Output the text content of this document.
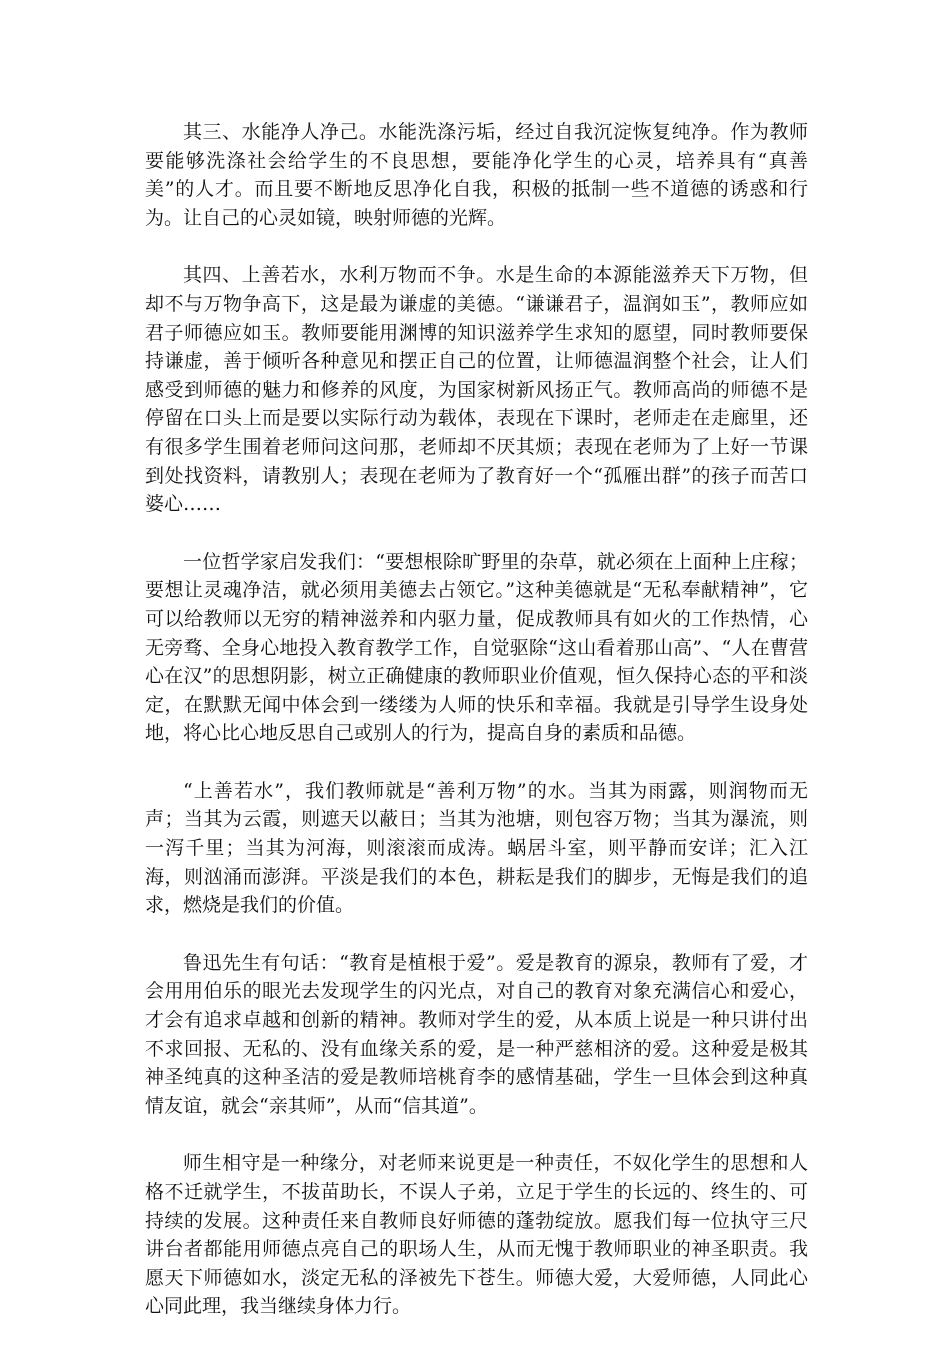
其三、水能净人净己。水能洗涤污垢，经过自我沉淀恢复纯净。作为教师要能够洗涤社会给学生的不良思想，要能净化学生的心灵，培养具有“真善美”的人才。而且要不断地反思净化自我，积极的抵制一些不道德的诱惑和行为。让自己的心灵如镜，映射师德的光辉。

其四、上善若水，水利万物而不争。水是生命的本源能滋养天下万物，但却不与万物争高下，这是最为谦虚的美德。“谦谦君子，温润如玉”，教师应如君子师德应如玉。教师要能用渊博的知识滋养学生求知的愿望，同时教师要保持谦虚，善于倾听各种意见和摆正自己的位置，让师德温润整个社会，让人们感受到师德的魅力和修养的风度，为国家树新风扬正气。教师高尚的师德不是停留在口头上而是要以实际行动为载体，表现在下课时，老师走在走廊里，还有很多学生围着老师问这问那，老师却不厌其烦；表现在老师为了上好一节课到处找资料，请教别人；表现在老师为了教育好一个“孤雁出群”的孩子而苦口婆心……

一位哲学家启发我们：“要想根除旷野里的杂草，就必须在上面种上庄稼；要想让灵魂净洁，就必须用美德去占领它。”这种美德就是“无私奉献精神”，它可以给教师以无穷的精神滋养和内驱力量，促成教师具有如火的工作热情，心无旁骛、全身心地投入教育教学工作，自觉驱除“这山看着那山高”、“人在曹营心在汉”的思想阴影，树立正确健康的教师职业价值观，恒久保持心态的平和淡定，在默默无闻中体会到一缕缕为人师的快乐和幸福。我就是引导学生设身处地，将心比心地反思自己或别人的行为，提高自身的素质和品德。

“上善若水”，我们教师就是“善利万物”的水。当其为雨露，则润物而无声；当其为云霞，则遮天以蔽日；当其为池塘，则包容万物；当其为瀑流，则一泻千里；当其为河海，则滚滚而成涛。蜗居斗室，则平静而安详；汇入江海，则汹涌而澎湃。平淡是我们的本色，耕耘是我们的脚步，无悔是我们的追求，燃烧是我们的价值。

鲁迅先生有句话：“教育是植根于爱”。爱是教育的源泉，教师有了爱，才会用用伯乐的眼光去发现学生的闪光点，对自己的教育对象充满信心和爱心，才会有追求卓越和创新的精神。教师对学生的爱，从本质上说是一种只讲付出不求回报、无私的、没有血缘关系的爱，是一种严慈相济的爱。这种爱是极其神圣纯真的这种圣洁的爱是教师培桃育李的感情基础，学生一旦体会到这种真情友谊，就会“亲其师”，从而“信其道”。

师生相守是一种缘分，对老师来说更是一种责任，不奴化学生的思想和人格不迁就学生，不拔苗助长，不误人子弟，立足于学生的长远的、终生的、可持续的发展。这种责任来自教师良好师德的蓬勃绽放。愿我们每一位执守三尺讲台者都能用师德点亮自己的职场人生，从而无愧于教师职业的神圣职责。我愿天下师德如水，淡定无私的泽被先下苍生。师德大爱，大爱师德，人同此心心同此理，我当继续身体力行。
